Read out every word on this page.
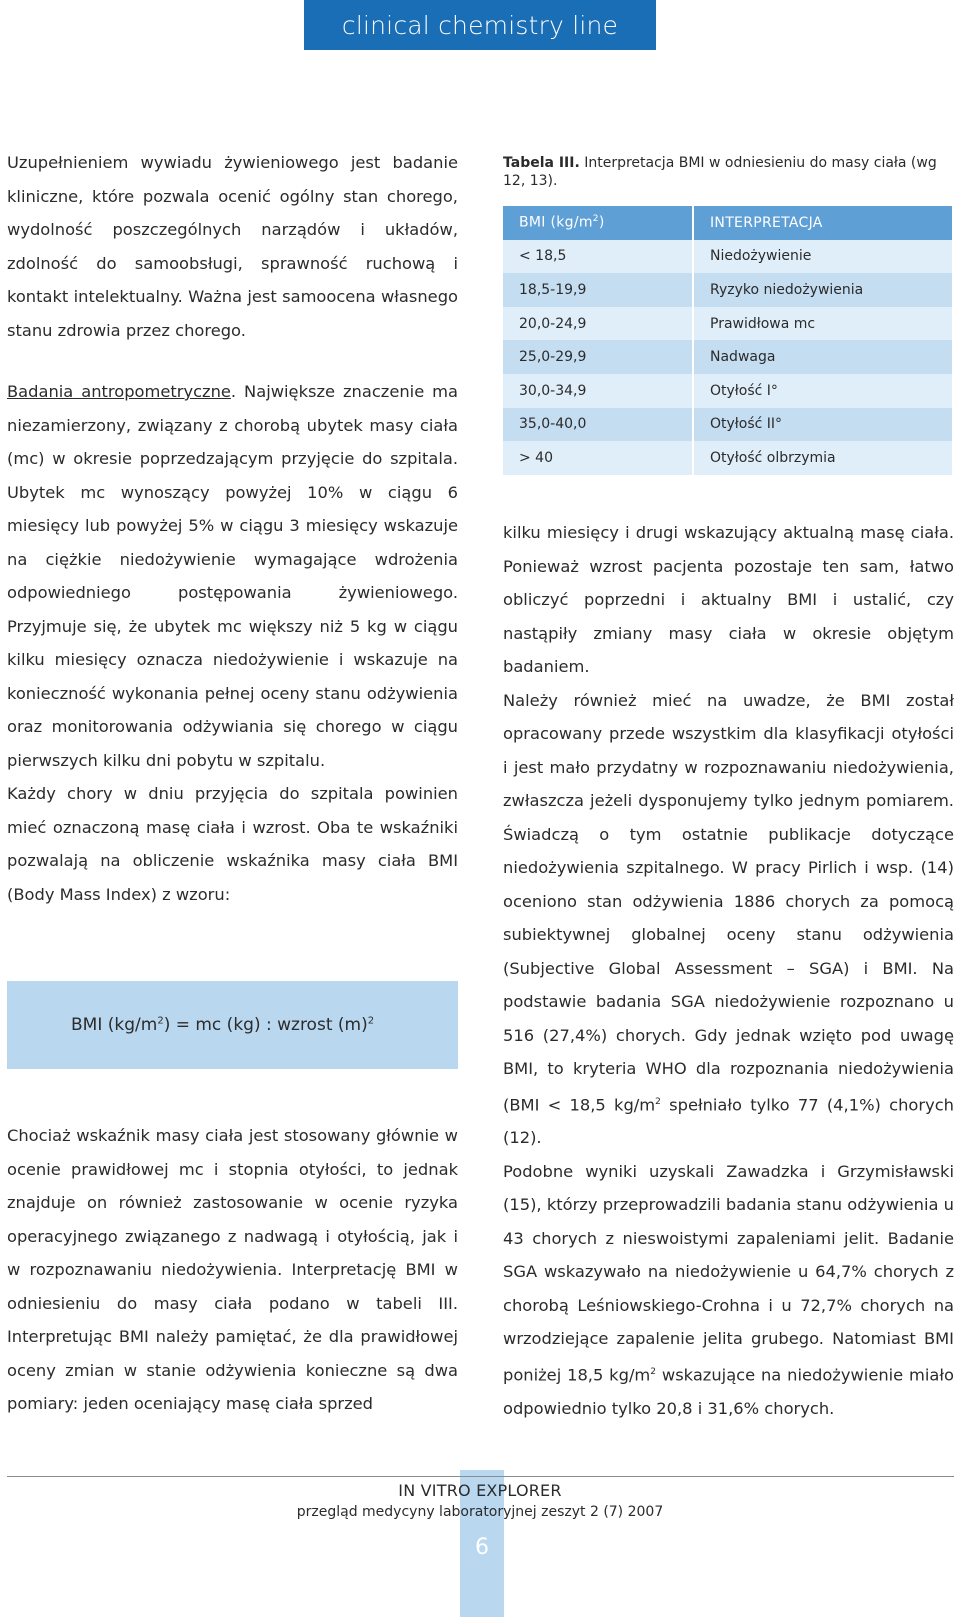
clinical chemistry line

Uzupełnieniem wywiadu żywieniowego jest badanie kliniczne, które pozwala ocenić ogólny stan chorego, wydolność poszczególnych narządów i układów, zdolność do samoobsługi, sprawność ruchową i kontakt intelektualny. Ważna jest samoocena własnego stanu zdrowia przez chorego.

Badania antropometryczne. Największe znaczenie ma niezamierzony, związany z chorobą ubytek masy ciała (mc) w okresie poprzedzającym przyjęcie do szpitala. Ubytek mc wynoszący powyżej 10% w ciągu 6 miesięcy lub powyżej 5% w ciągu 3 miesięcy wskazuje na ciężkie niedożywienie wymagające wdrożenia odpowiedniego postępowania żywieniowego. Przyjmuje się, że ubytek mc większy niż 5 kg w ciągu kilku miesięcy oznacza niedożywienie i wskazuje na konieczność wykonania pełnej oceny stanu odżywienia oraz monitorowania odżywiania się chorego w ciągu pierwszych kilku dni pobytu w szpitalu.

Każdy chory w dniu przyjęcia do szpitala powinien mieć oznaczoną masę ciała i wzrost. Oba te wskaźniki pozwalają na obliczenie wskaźnika masy ciała BMI (Body Mass Index) z wzoru:

BMI $(kg/m^2)$ = mc (kg) : wzrost $(m)^2$

Chociaż wskaźnik masy ciała jest stosowany głównie w ocenie prawidłowej mc i stopnia otyłości, to jednak znajduje on również zastosowanie w ocenie ryzyka operacyjnego związanego z nadwagą i otyłością, jak i w rozpoznawaniu niedożywienia. Interpretację BMI w odniesieniu do masy ciała podano w tabeli III. Interpretując BMI należy pamiętać, że dla prawidłowej oceny zmian w stanie odżywienia konieczne są dwa pomiary: jeden oceniający masę ciała sprzed

Tabela III. Interpretacja BMI w odniesieniu do masy ciała (wg 12, 13).
BMI $(kg/m^2)$	INTERPRETACJA
< 18,5	Niedożywienie
18,5-19,9	Ryzyko niedożywienia
20,0-24,9	Prawidłowa mc
25,0-29,9	Nadwaga
30,0-34,9	Otyłość I°
35,0-40,0	Otyłość II°
> 40	Otyłość olbrzymia

kilku miesięcy i drugi wskazujący aktualną masę ciała. Ponieważ wzrost pacjenta pozostaje ten sam, łatwo obliczyć poprzedni i aktualny BMI i ustalić, czy nastąpiły zmiany masy ciała w okresie objętym badaniem.

Należy również mieć na uwadze, że BMI został opracowany przede wszystkim dla klasyfikacji otyłości i jest mało przydatny w rozpoznawaniu niedożywienia, zwłaszcza jeżeli dysponujemy tylko jednym pomiarem. Świadczą o tym ostatnie publikacje dotyczące niedożywienia szpitalnego. W pracy Pirlich i wsp. (14) oceniono stan odżywienia 1886 chorych za pomocą subiektywnej globalnej oceny stanu odżywienia (Subjective Global Assessment – SGA) i BMI. Na podstawie badania SGA niedożywienie rozpoznano u 516 (27,4%) chorych. Gdy jednak wzięto pod uwagę BMI, to kryteria WHO dla rozpoznania niedożywienia (BMI < 18,5 $kg/m^2$ spełniało tylko 77 (4,1%) chorych (12).

Podobne wyniki uzyskali Zawadzka i Grzymisławski (15), którzy przeprowadzili badania stanu odżywienia u 43 chorych z nieswoistymi zapaleniami jelit. Badanie SGA wskazywało na niedożywienie u 64,7% chorych z chorobą Leśniowskiego-Crohna i u 72,7% chorych na wrzodziejące zapalenie jelita grubego. Natomiast BMI poniżej 18,5 $kg/m^2$ wskazujące na niedożywienie miało odpowiednio tylko 20,8 i 31,6% chorych.

IN VITRO EXPLORER
przegląd medycyny laboratoryjnej zeszyt 2 (7) 2007
6
